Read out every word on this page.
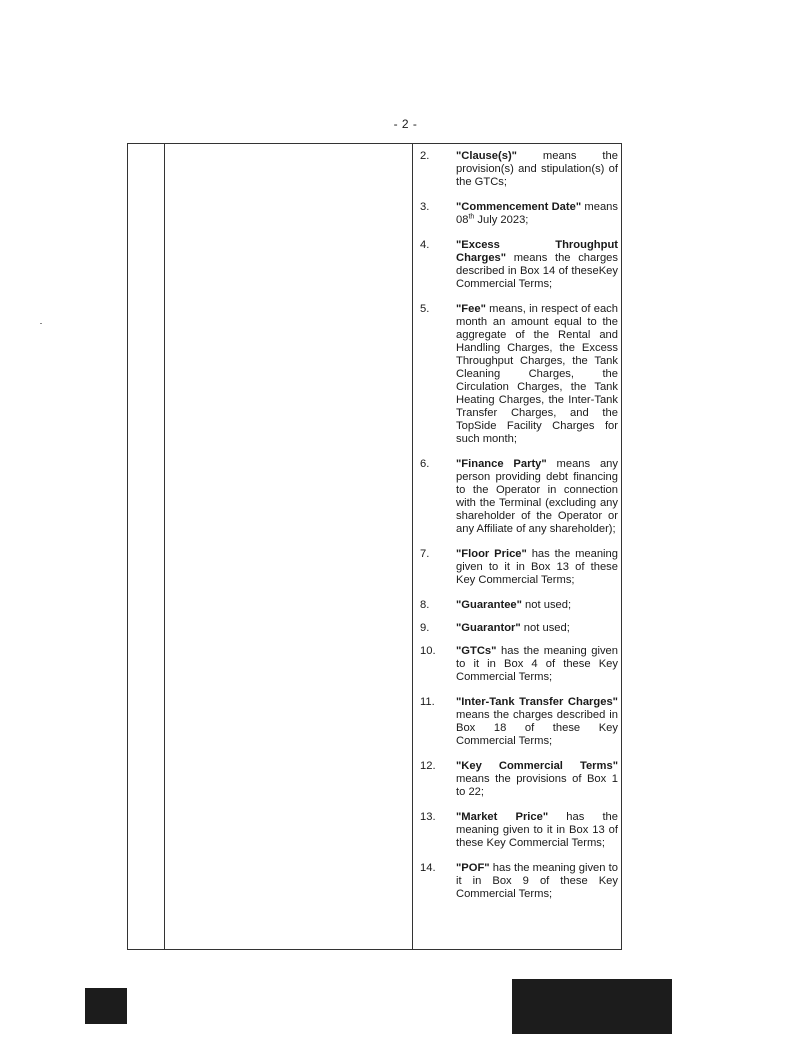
- 2 -
2.	"Clause(s)" means the provision(s) and stipulation(s) of the GTCs;
3.	"Commencement Date" means 08th July 2023;
4.	"Excess Throughput Charges" means the charges described in Box 14 of theseKey Commercial Terms;
5.	"Fee" means, in respect of each month an amount equal to the aggregate of the Rental and Handling Charges, the Excess Throughput Charges, the Tank Cleaning Charges, the Circulation Charges, the Tank Heating Charges, the Inter-Tank Transfer Charges, and the TopSide Facility Charges for such month;
6.	"Finance Party" means any person providing debt financing to the Operator in connection with the Terminal (excluding any shareholder of the Operator or any Affiliate of any shareholder);
7.	"Floor Price" has the meaning given to it in Box 13 of these Key Commercial Terms;
8.	"Guarantee" not used;
9.	"Guarantor" not used;
10.	"GTCs" has the meaning given to it in Box 4 of these Key Commercial Terms;
11.	"Inter-Tank Transfer Charges" means the charges described in Box 18 of these Key Commercial Terms;
12.	"Key Commercial Terms" means the provisions of Box 1 to 22;
13.	"Market Price" has the meaning given to it in Box 13 of these Key Commercial Terms;
14.	"POF" has the meaning given to it in Box 9 of these Key Commercial Terms;
